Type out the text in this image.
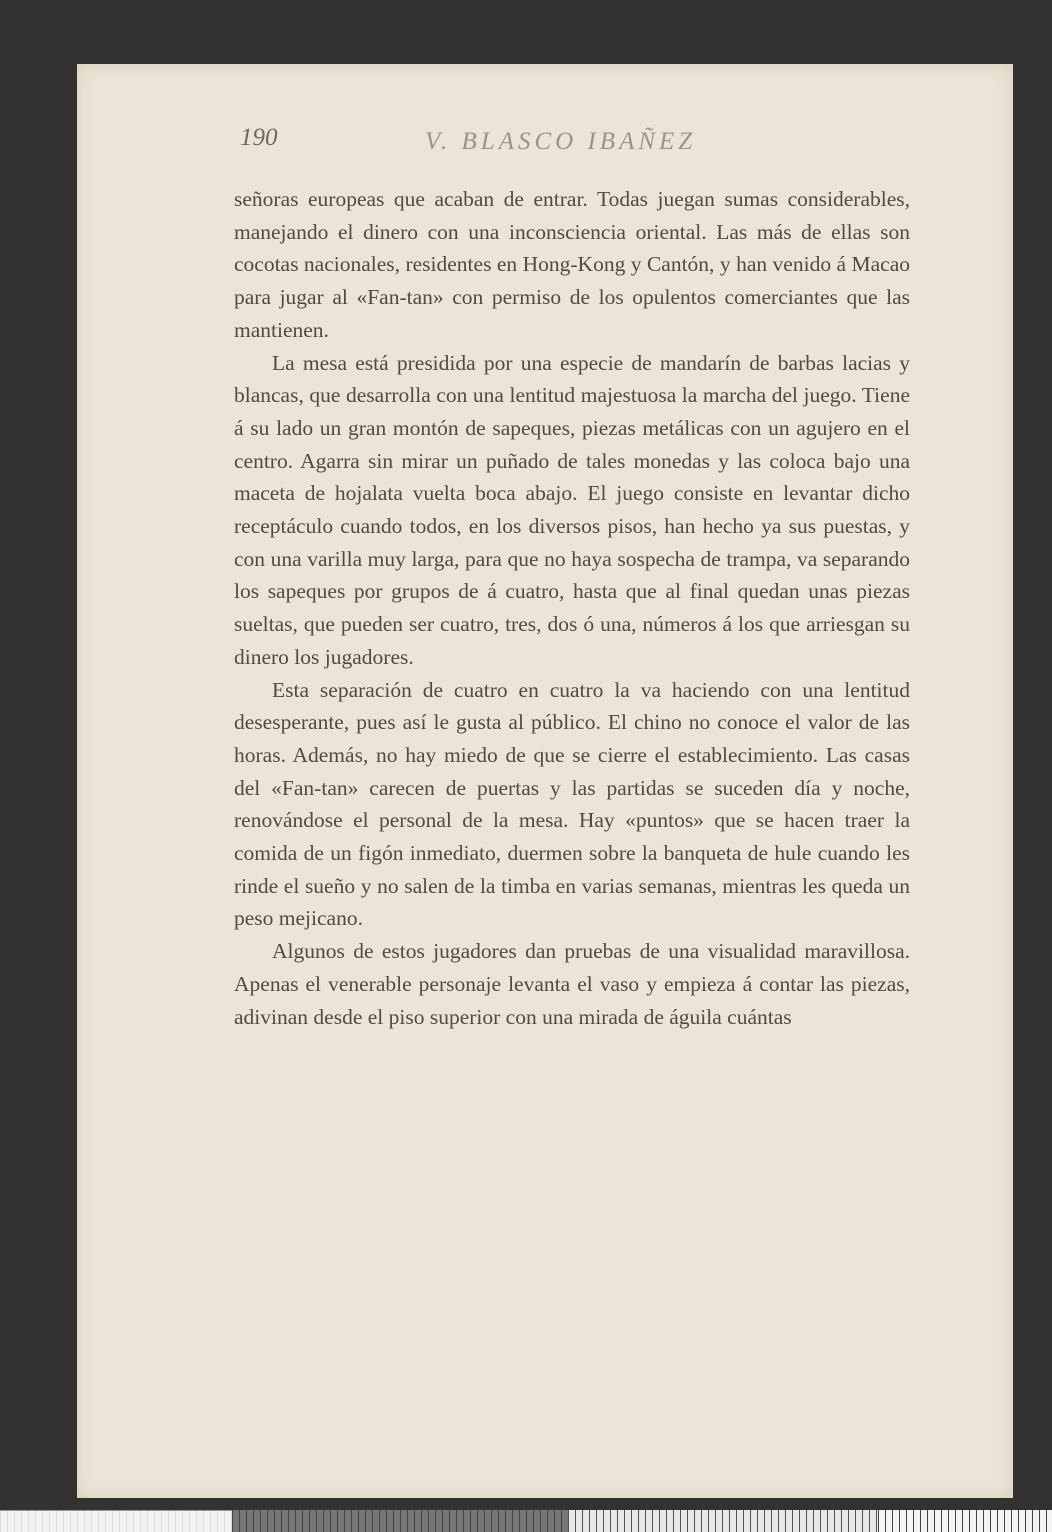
190	V. BLASCO IBAÑEZ

señoras europeas que acaban de entrar. Todas juegan sumas considerables, manejando el dinero con una inconsciencia oriental. Las más de ellas son cocotas nacionales, residentes en Hong-Kong y Cantón, y han venido á Macao para jugar al «Fan-tan» con permiso de los opulentos comerciantes que las mantienen.

La mesa está presidida por una especie de mandarín de barbas lacias y blancas, que desarrolla con una lentitud majestuosa la marcha del juego. Tiene á su lado un gran montón de sapeques, piezas metálicas con un agujero en el centro. Agarra sin mirar un puñado de tales monedas y las coloca bajo una maceta de hojalata vuelta boca abajo. El juego consiste en levantar dicho receptáculo cuando todos, en los diversos pisos, han hecho ya sus puestas, y con una varilla muy larga, para que no haya sospecha de trampa, va separando los sapeques por grupos de á cuatro, hasta que al final quedan unas piezas sueltas, que pueden ser cuatro, tres, dos ó una, números á los que arriesgan su dinero los jugadores.

Esta separación de cuatro en cuatro la va haciendo con una lentitud desesperante, pues así le gusta al público. El chino no conoce el valor de las horas. Además, no hay miedo de que se cierre el establecimiento. Las casas del «Fan-tan» carecen de puertas y las partidas se suceden día y noche, renovándose el personal de la mesa. Hay «puntos» que se hacen traer la comida de un figón inmediato, duermen sobre la banqueta de hule cuando les rinde el sueño y no salen de la timba en varias semanas, mientras les queda un peso mejicano.

Algunos de estos jugadores dan pruebas de una visualidad maravillosa. Apenas el venerable personaje levanta el vaso y empieza á contar las piezas, adivinan desde el piso superior con una mirada de águila cuántas
